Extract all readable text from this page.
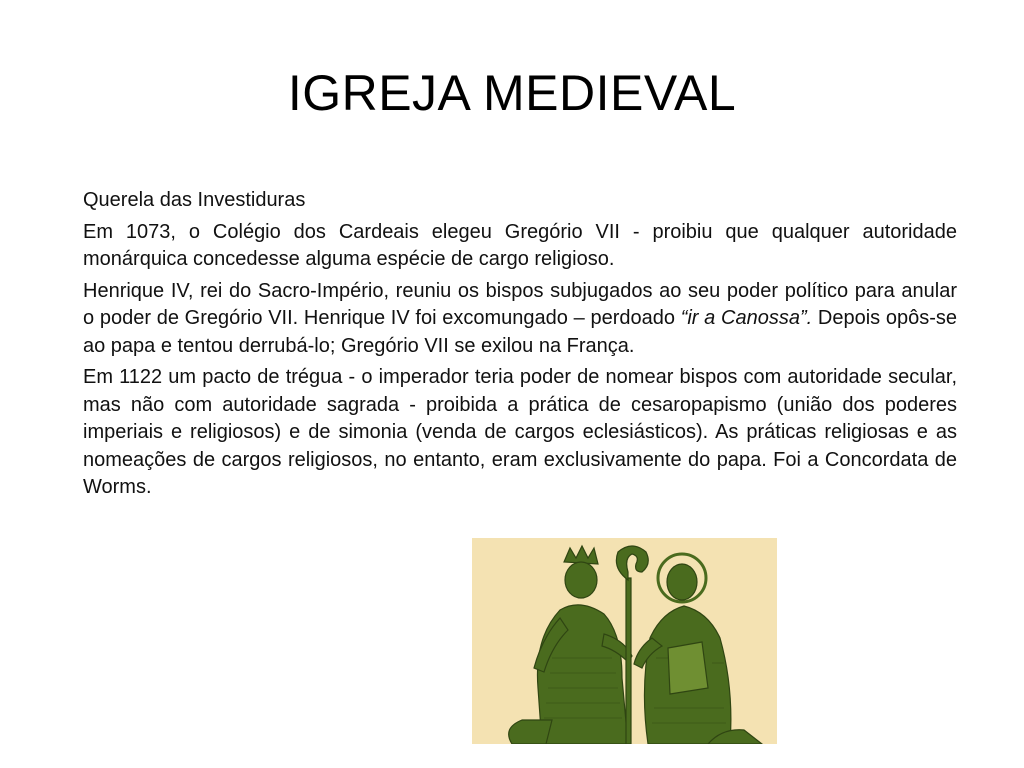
IGREJA MEDIEVAL

Querela das Investiduras

Em 1073, o Colégio dos Cardeais elegeu Gregório VII - proibiu que qualquer autoridade monárquica concedesse alguma espécie de cargo religioso.

Henrique IV, rei do Sacro-Império, reuniu os bispos subjugados ao seu poder político para anular o poder de Gregório VII. Henrique IV foi excomungado – perdoado “ir a Canossa”. Depois opôs-se ao papa e tentou derrubá-lo; Gregório VII se exilou na França.

Em 1122 um pacto de trégua - o imperador teria poder de nomear bispos com autoridade secular, mas não com autoridade sagrada - proibida a prática de cesaropapismo (união dos poderes imperiais e religiosos) e de simonia (venda de cargos eclesiásticos). As práticas religiosas e as nomeações de cargos religiosos, no entanto, eram exclusivamente do papa. Foi a Concordata de Worms.
